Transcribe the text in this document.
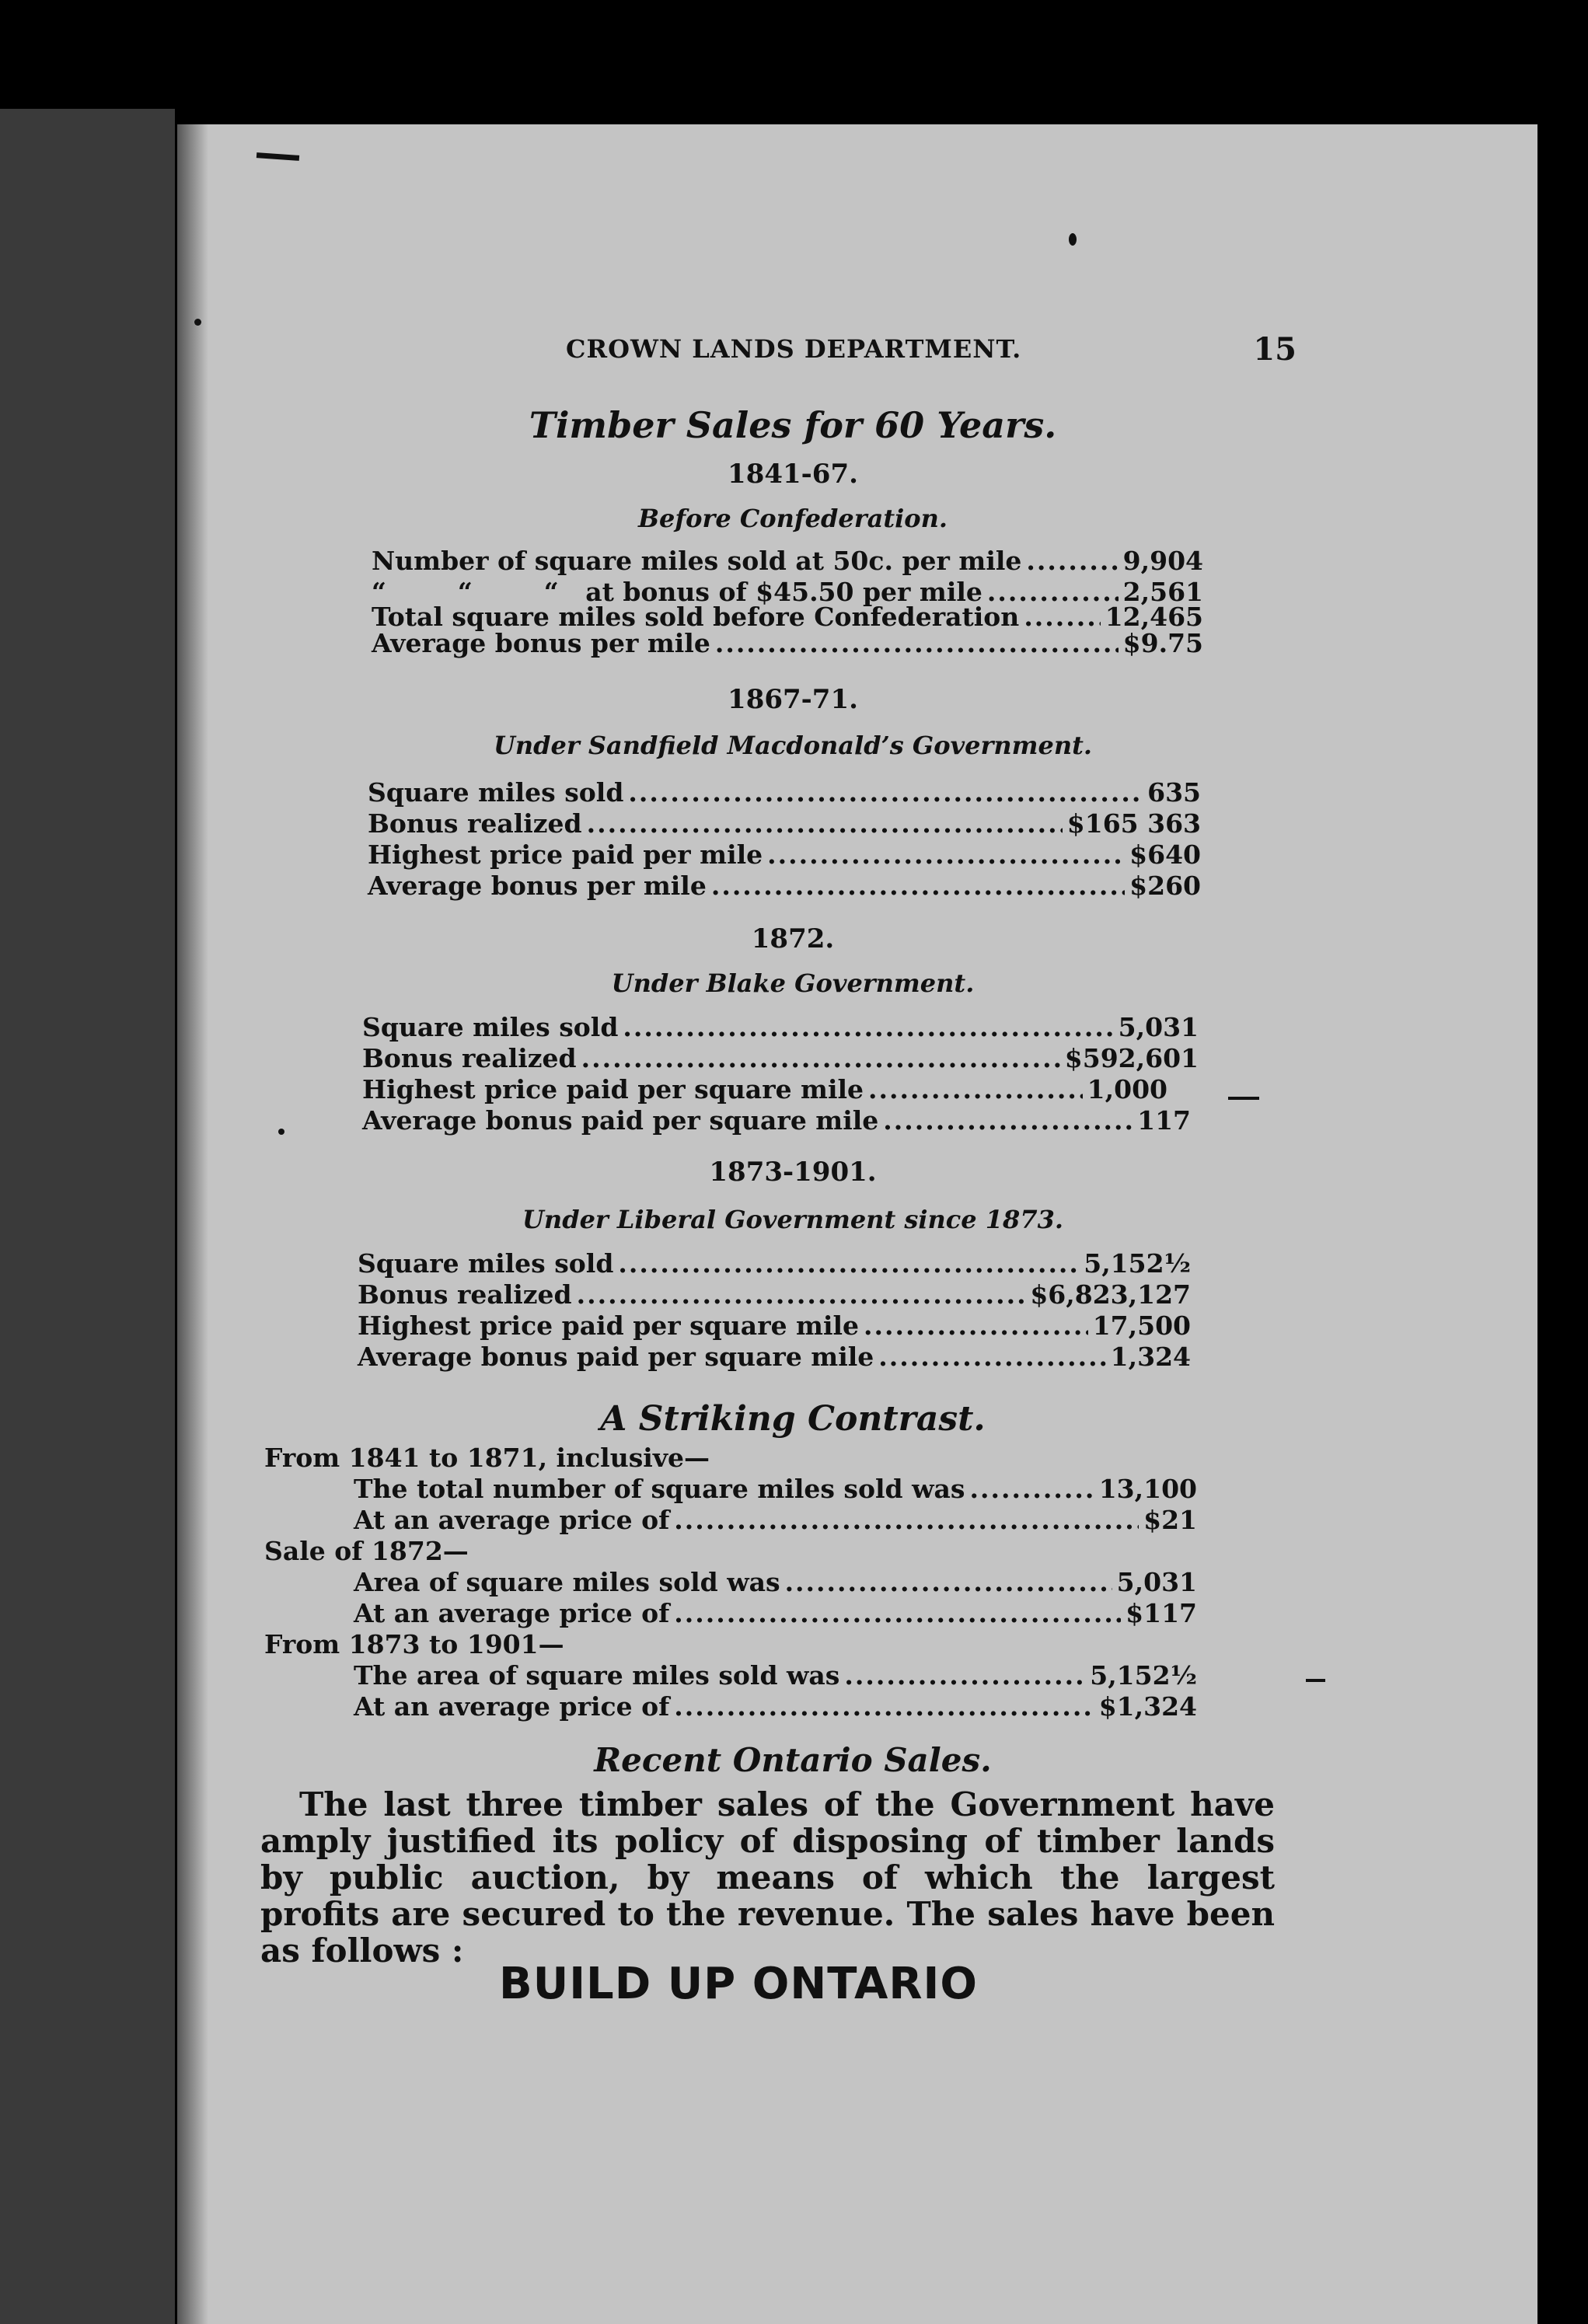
CROWN LANDS DEPARTMENT.	15
Timber Sales for 60 Years.
1841-67.
Before Confederation.
Number of square miles sold at 50c. per mile .....	9,904
“        “        “   at bonus of $45.50 per mile .....	2,561
Total square miles sold before Confederation .....	12,465
Average bonus per mile .....	$9.75
1867-71.
Under Sandfield Macdonald’s Government.
Square miles sold .....	635
Bonus realized .....	$165 363
Highest price paid per mile .....	$640
Average bonus per mile .....	$260
1872.
Under Blake Government.
Square miles sold .....	5,031
Bonus realized .....	$592,601
Highest price paid per square mile .....	1,000
Average bonus paid per square mile .....	117
1873-1901.
Under Liberal Government since 1873.
Square miles sold .....	5,152½
Bonus realized .....	$6,823,127
Highest price paid per square mile .....	17,500
Average bonus paid per square mile .....	1,324
A Striking Contrast.
From 1841 to 1871, inclusive—
The total number of square miles sold was .....	13,100
At an average price of .....	$21
Sale of 1872—
Area of square miles sold was .....	5,031
At an average price of .....	$117
From 1873 to 1901—
The area of square miles sold was .....	5,152½
At an average price of .....	$1,324
Recent Ontario Sales.

The last three timber sales of the Government have amply justified its policy of disposing of timber lands by public auction, by means of which the largest profits are secured to the revenue. The sales have been as follows :

BUILD UP ONTARIO
